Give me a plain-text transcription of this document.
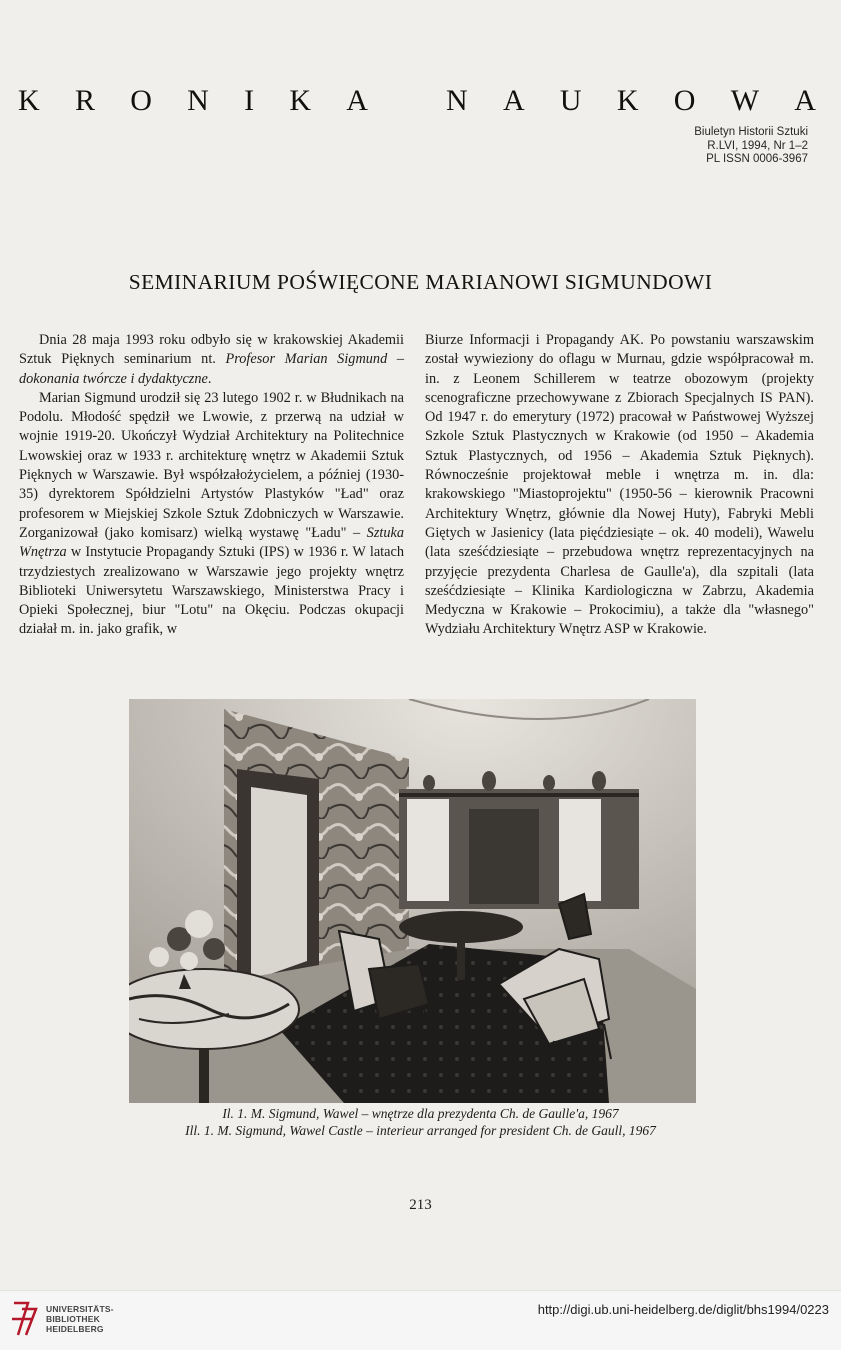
K R O N I K A
	N A U K O W A
Biuletyn Historii Sztuki
R.LVI, 1994, Nr 1–2
PL ISSN 0006-3967
SEMINARIUM POŚWIĘCONE MARIANOWI SIGMUNDOWI

Dnia 28 maja 1993 roku odbyło się w krakowskiej Akademii Sztuk Pięknych seminarium nt. Profesor Marian Sigmund – dokonania twórcze i dydaktyczne.

Marian Sigmund urodził się 23 lutego 1902 r. w Błudnikach na Podolu. Młodość spędził we Lwowie, z przerwą na udział w wojnie 1919-20. Ukończył Wydział Architektury na Politechnice Lwowskiej oraz w 1933 r. architekturę wnętrz w Akademii Sztuk Pięknych w Warszawie. Był współzałożycielem, a później (1930-35) dyrektorem Spółdzielni Artystów Plastyków "Ład" oraz profesorem w Miejskiej Szkole Sztuk Zdobniczych w Warszawie. Zorganizował (jako komisarz) wielką wystawę "Ładu" – Sztuka Wnętrza w Instytucie Propagandy Sztuki (IPS) w 1936 r. W latach trzydziestych zrealizowano w Warszawie jego projekty wnętrz Biblioteki Uniwersytetu Warszawskiego, Ministerstwa Pracy i Opieki Społecznej, biur "Lotu" na Okęciu. Podczas okupacji działał m. in. jako grafik, w

Biurze Informacji i Propagandy AK. Po powstaniu warszawskim został wywieziony do oflagu w Murnau, gdzie współpracował m. in. z Leonem Schillerem w teatrze obozowym (projekty scenograficzne przechowywane z Zbiorach Specjalnych IS PAN). Od 1947 r. do emerytury (1972) pracował w Państwowej Wyższej Szkole Sztuk Plastycznych w Krakowie (od 1950 – Akademia Sztuk Plastycznych, od 1956 – Akademia Sztuk Pięknych). Równocześnie projektował meble i wnętrza m. in. dla: krakowskiego "Miastoprojektu" (1950-56 – kierownik Pracowni Architektury Wnętrz, głównie dla Nowej Huty), Fabryki Mebli Giętych w Jasienicy (lata pięćdziesiąte – ok. 40 modeli), Wawelu (lata sześćdziesiąte – przebudowa wnętrz reprezentacyjnych na przyjęcie prezydenta Charlesa de Gaulle'a), dla szpitali (lata sześćdziesiąte – Klinika Kardiologiczna w Zabrzu, Akademia Medyczna w Krakowie – Prokocimiu), a także dla "własnego" Wydziału Architektury Wnętrz ASP w Krakowie.

Il. 1. M. Sigmund, Wawel – wnętrze dla prezydenta Ch. de Gaulle'a, 1967
Ill. 1. M. Sigmund, Wawel Castle – interieur arranged for president Ch. de Gaull, 1967
213
UNIVERSITÄTS-
BIBLIOTHEK
HEIDELBERG
http://digi.ub.uni-heidelberg.de/diglit/bhs1994/0223
